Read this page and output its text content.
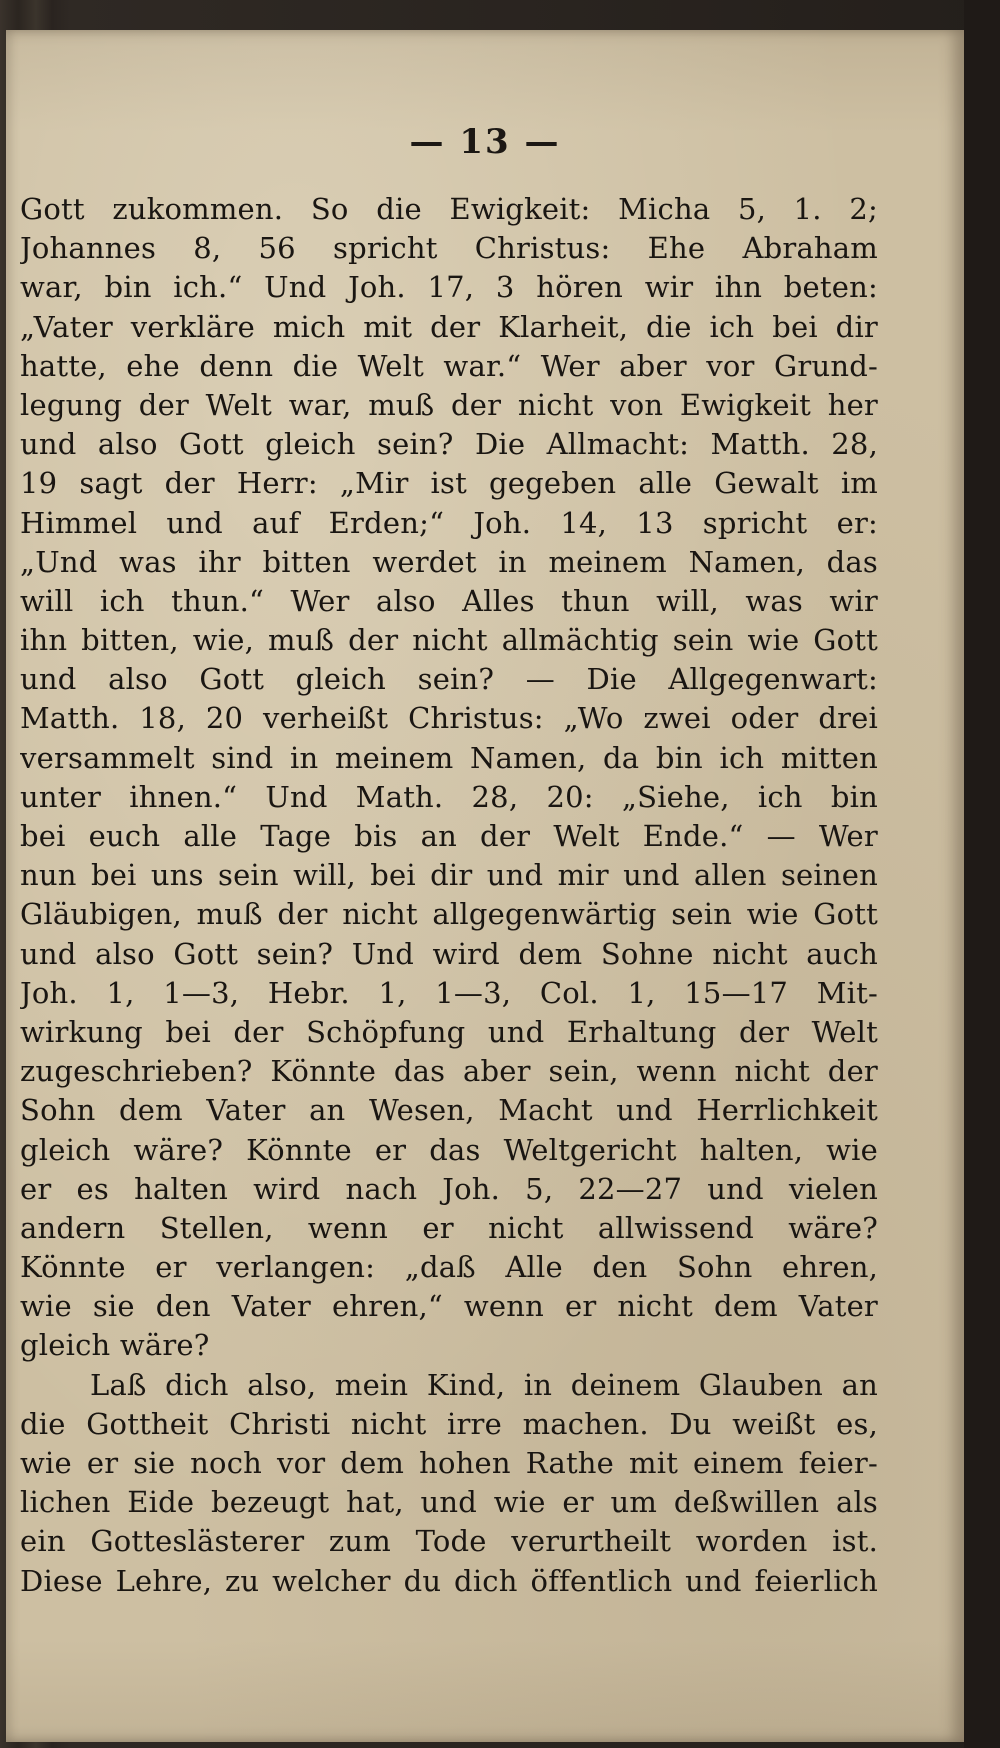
— 13 —
Gott zukommen. So die Ewigkeit: Micha 5, 1. 2;
Johannes 8, 56 spricht Christus: Ehe Abraham
war, bin ich.“ Und Joh. 17, 3 hören wir ihn beten:
„Vater verkläre mich mit der Klarheit, die ich bei dir
hatte, ehe denn die Welt war.“ Wer aber vor Grund-
legung der Welt war, muß der nicht von Ewigkeit her
und also Gott gleich sein? Die Allmacht: Matth. 28,
19 sagt der Herr: „Mir ist gegeben alle Gewalt im
Himmel und auf Erden;“ Joh. 14, 13 spricht er:
„Und was ihr bitten werdet in meinem Namen, das
will ich thun.“ Wer also Alles thun will, was wir
ihn bitten, wie, muß der nicht allmächtig sein wie Gott
und also Gott gleich sein? — Die Allgegenwart:
Matth. 18, 20 verheißt Christus: „Wo zwei oder drei
versammelt sind in meinem Namen, da bin ich mitten
unter ihnen.“ Und Math. 28, 20: „Siehe, ich bin
bei euch alle Tage bis an der Welt Ende.“ — Wer
nun bei uns sein will, bei dir und mir und allen seinen
Gläubigen, muß der nicht allgegenwärtig sein wie Gott
und also Gott sein? Und wird dem Sohne nicht auch
Joh. 1, 1—3, Hebr. 1, 1—3, Col. 1, 15—17 Mit-
wirkung bei der Schöpfung und Erhaltung der Welt
zugeschrieben? Könnte das aber sein, wenn nicht der
Sohn dem Vater an Wesen, Macht und Herrlichkeit
gleich wäre? Könnte er das Weltgericht halten, wie
er es halten wird nach Joh. 5, 22—27 und vielen
andern Stellen, wenn er nicht allwissend wäre?
Könnte er verlangen: „daß Alle den Sohn ehren,
wie sie den Vater ehren,“ wenn er nicht dem Vater
gleich wäre?
Laß dich also, mein Kind, in deinem Glauben an
die Gottheit Christi nicht irre machen. Du weißt es,
wie er sie noch vor dem hohen Rathe mit einem feier-
lichen Eide bezeugt hat, und wie er um deßwillen als
ein Gotteslästerer zum Tode verurtheilt worden ist.
Diese Lehre, zu welcher du dich öffentlich und feierlich
